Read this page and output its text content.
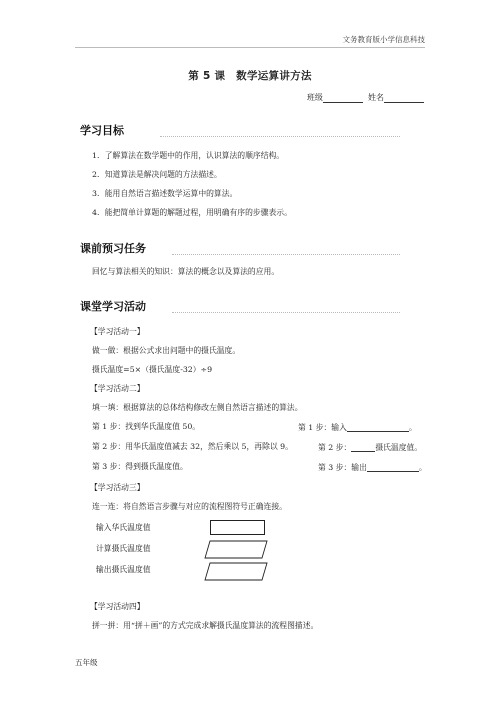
文务教育版小学信息科技
第 5 课　数学运算讲方法
班级	姓名
学习目标
1．了解算法在数学题中的作用，认识算法的顺序结构。
2．知道算法是解决问题的方法描述。
3．能用自然语言描述数学运算中的算法。
4．能把简单计算题的解题过程，用明确有序的步骤表示。
课前预习任务
回忆与算法相关的知识：算法的概念以及算法的应用。
课堂学习活动
【学习活动一】
做一做：根据公式求出问题中的摄氏温度。
摄氏温度=5×（摄氏温度-32）÷9
【学习活动二】
填一填：根据算法的总体结构修改左侧自然语言描述的算法。
第 1 步：找到华氏温度值 50。
第 2 步：用华氏温度值减去 32，然后乘以 5，再除以 9。
第 3 步：得到摄氏温度值。
第 1 步：输入	。
第 2 步：	摄氏温度值。
第 3 步：输出	。
【学习活动三】
连一连：将自然语言步骤与对应的流程图符号正确连接。
输入华氏温度值
计算摄氏温度值
输出摄氏温度值
【学习活动四】
拼一拼：用“拼＋画”的方式完成求解摄氏温度算法的流程图描述。
五年级
